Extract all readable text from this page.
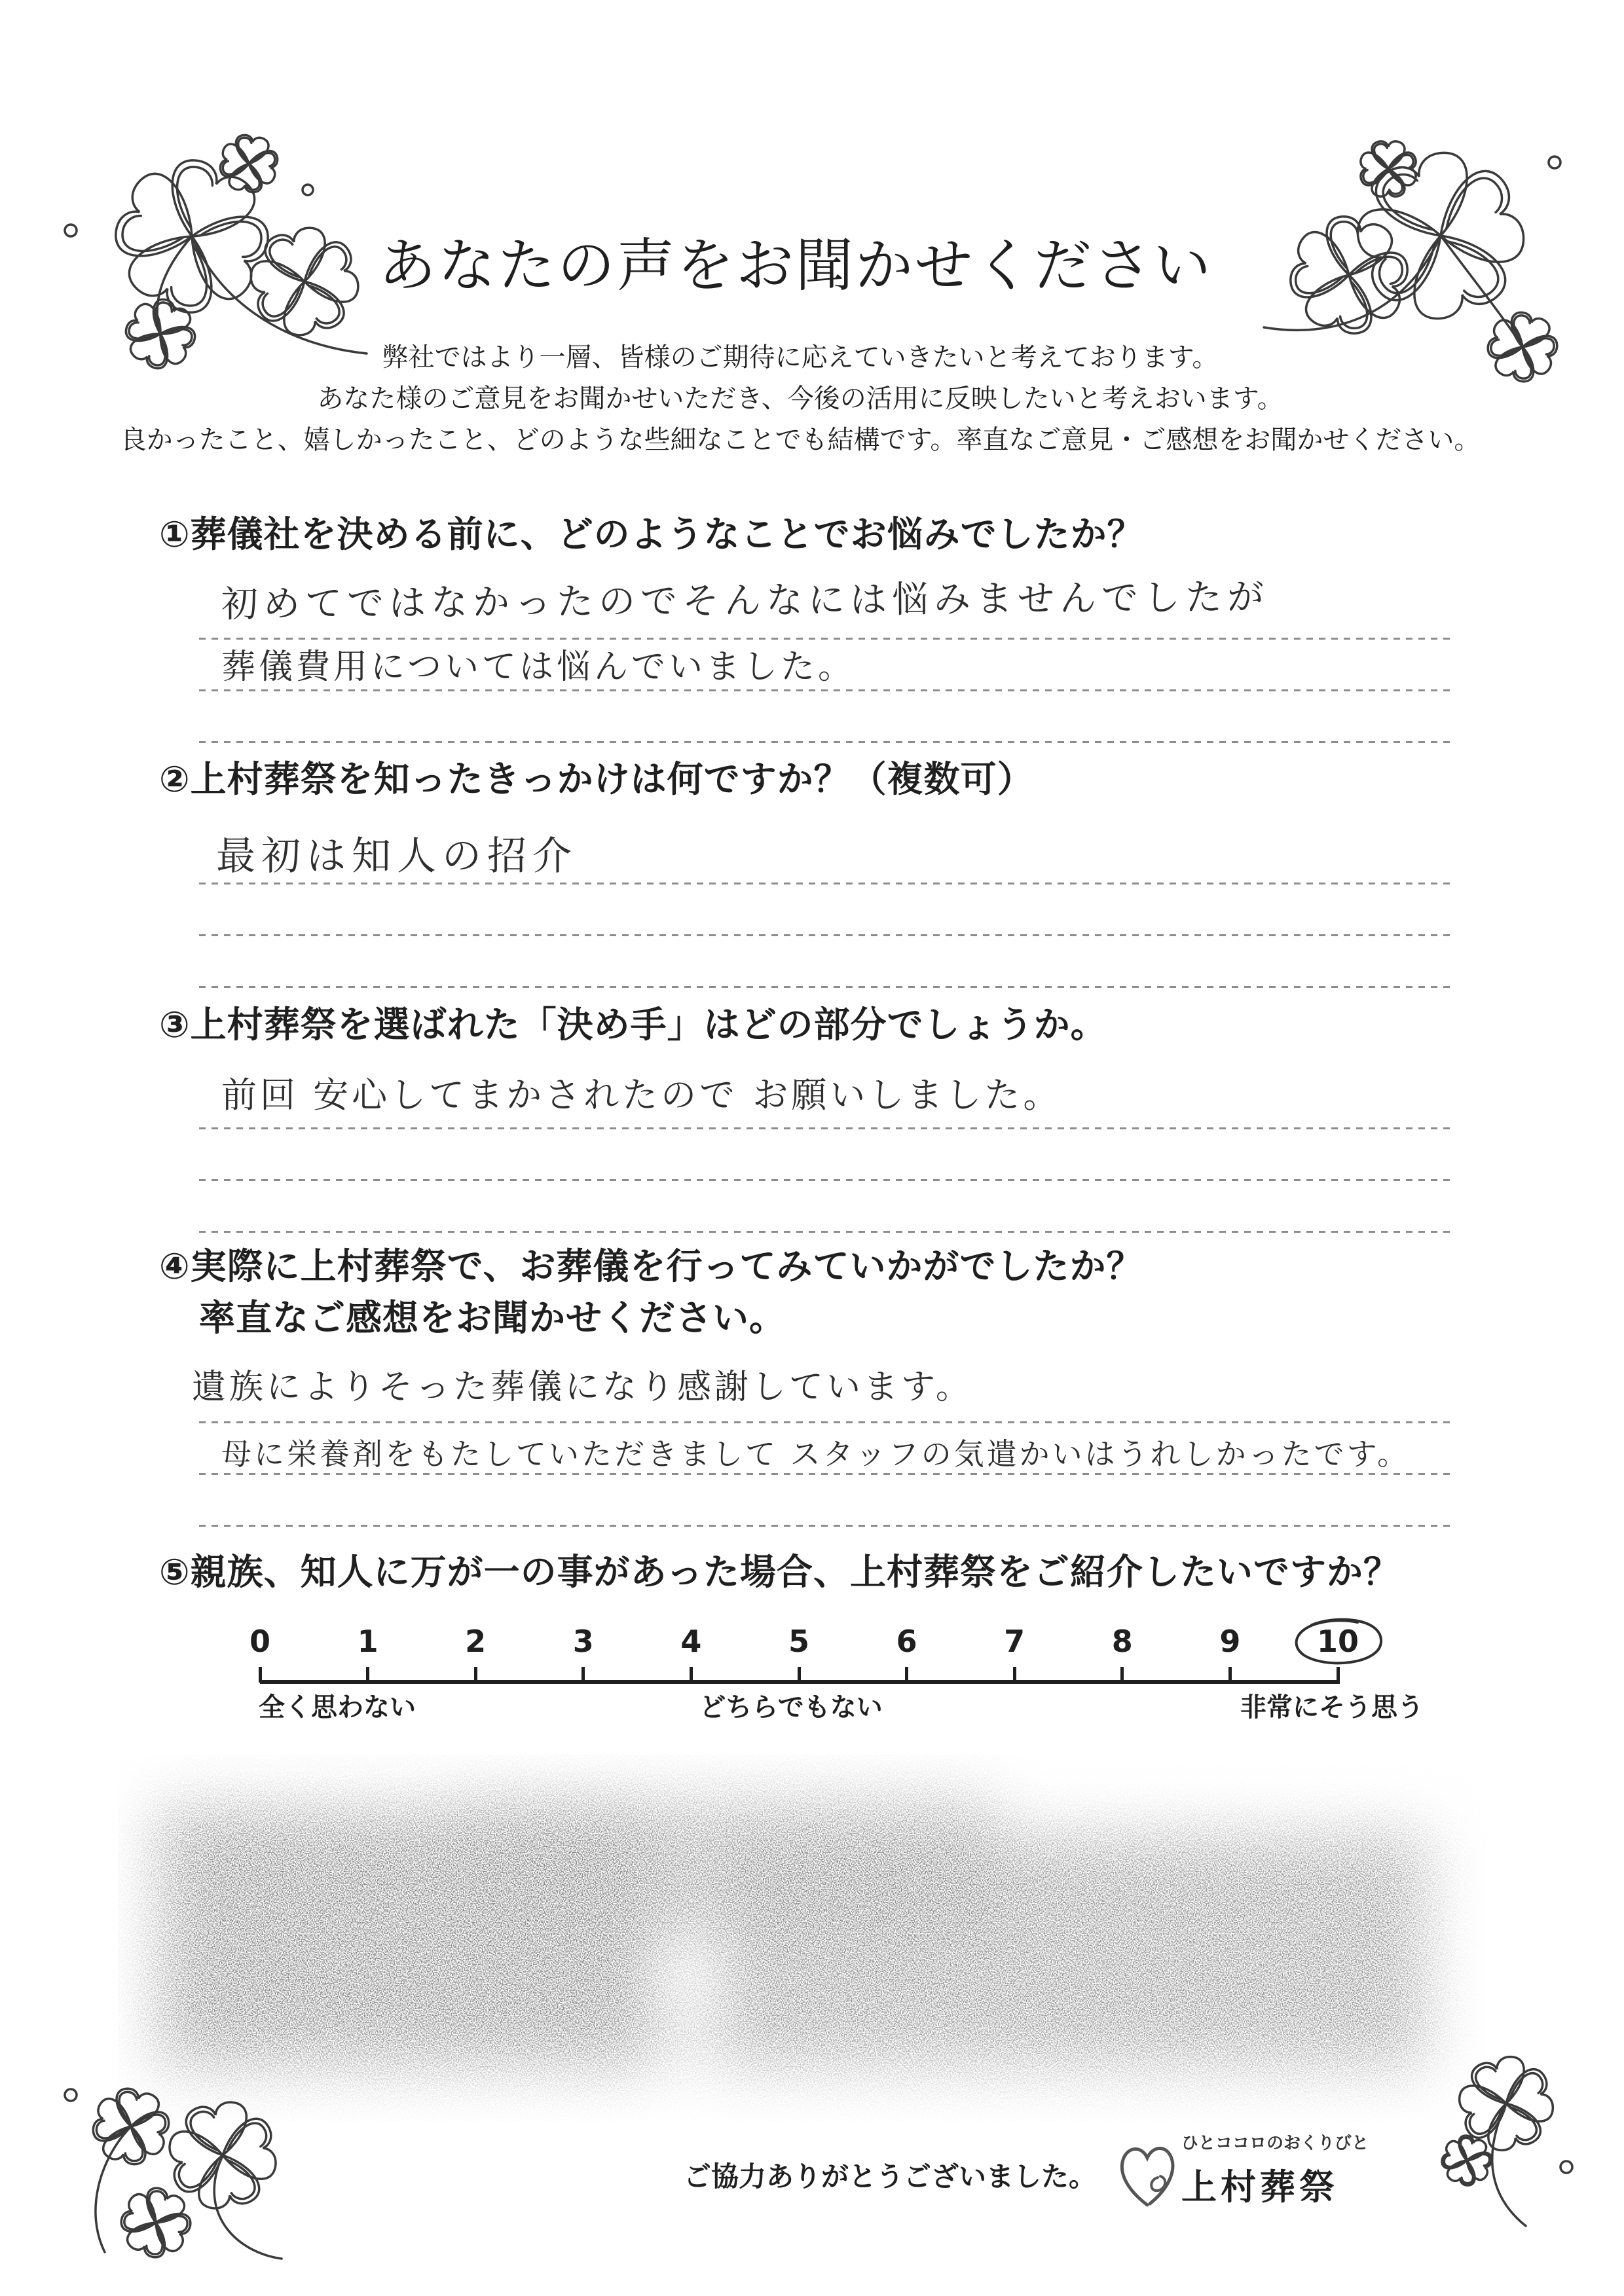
あなたの声をお聞かせください
弊社ではより一層、皆様のご期待に応えていきたいと考えております。
あなた様のご意見をお聞かせいただき、今後の活用に反映したいと考えおいます。
良かったこと、嬉しかったこと、どのような些細なことでも結構です。率直なご意見・ご感想をお聞かせください。
①葬儀社を決める前に、どのようなことでお悩みでしたか？
初めてではなかったのでそんなには悩みませんでしたが
葬儀費用については悩んでいました。
②上村葬祭を知ったきっかけは何ですか？（複数可）
最初は知人の招介
③上村葬祭を選ばれた「決め手」はどの部分でしょうか。
前回 安心してまかされたので お願いしました。
④実際に上村葬祭で、お葬儀を行ってみていかがでしたか？
率直なご感想をお聞かせください。
遺族によりそった葬儀になり感謝しています。
母に栄養剤をもたしていただきまして スタッフの気遣かいはうれしかったです。
⑤親族、知人に万が一の事があった場合、上村葬祭をご紹介したいですか？
0	1	2	3	4	5	6	7	8	9	10
全く思わない	どちらでもない	非常にそう思う
ご協力ありがとうございました。
ひとココロのおくりびと
上村葬祭
